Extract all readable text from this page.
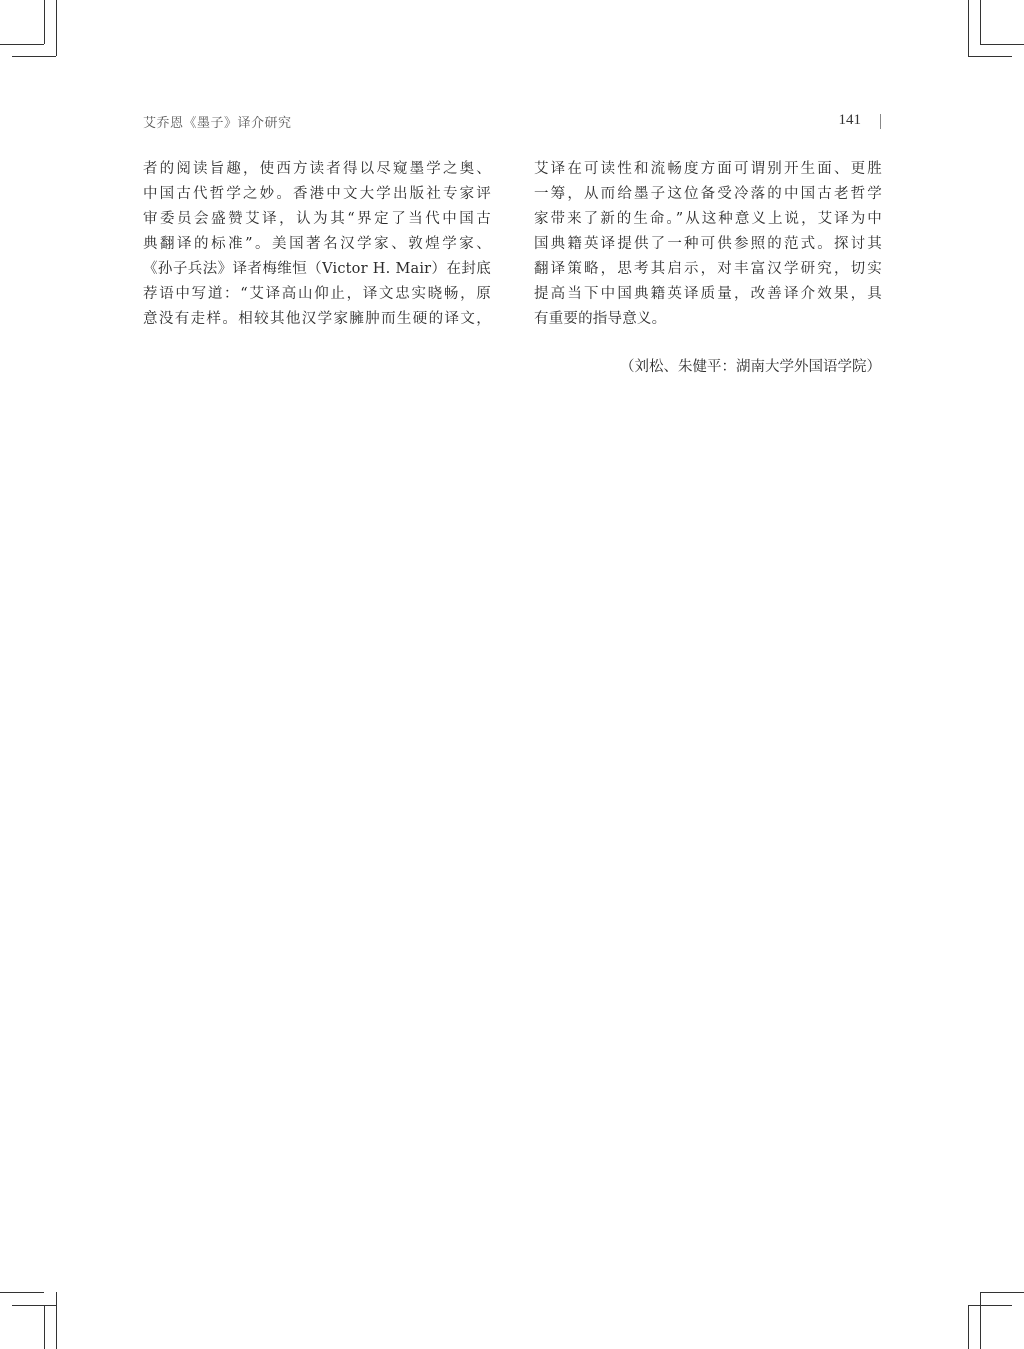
艾乔恩《墨子》译介研究	141
者的阅读旨趣，使西方读者得以尽窥墨学之奥、
中国古代哲学之妙。香港中文大学出版社专家评
审委员会盛赞艾译，认为其“界定了当代中国古
典翻译的标准”。美国著名汉学家、敦煌学家、
《孙子兵法》译者梅维恒（Victor H. Mair）在封底
荐语中写道：“艾译高山仰止，译文忠实晓畅，原
意没有走样。相较其他汉学家臃肿而生硬的译文，
艾译在可读性和流畅度方面可谓别开生面、更胜
一筹，从而给墨子这位备受冷落的中国古老哲学
家带来了新的生命。”从这种意义上说，艾译为中
国典籍英译提供了一种可供参照的范式。探讨其
翻译策略，思考其启示，对丰富汉学研究，切实
提高当下中国典籍英译质量，改善译介效果，具
有重要的指导意义。
（刘松、朱健平：湖南大学外国语学院）
